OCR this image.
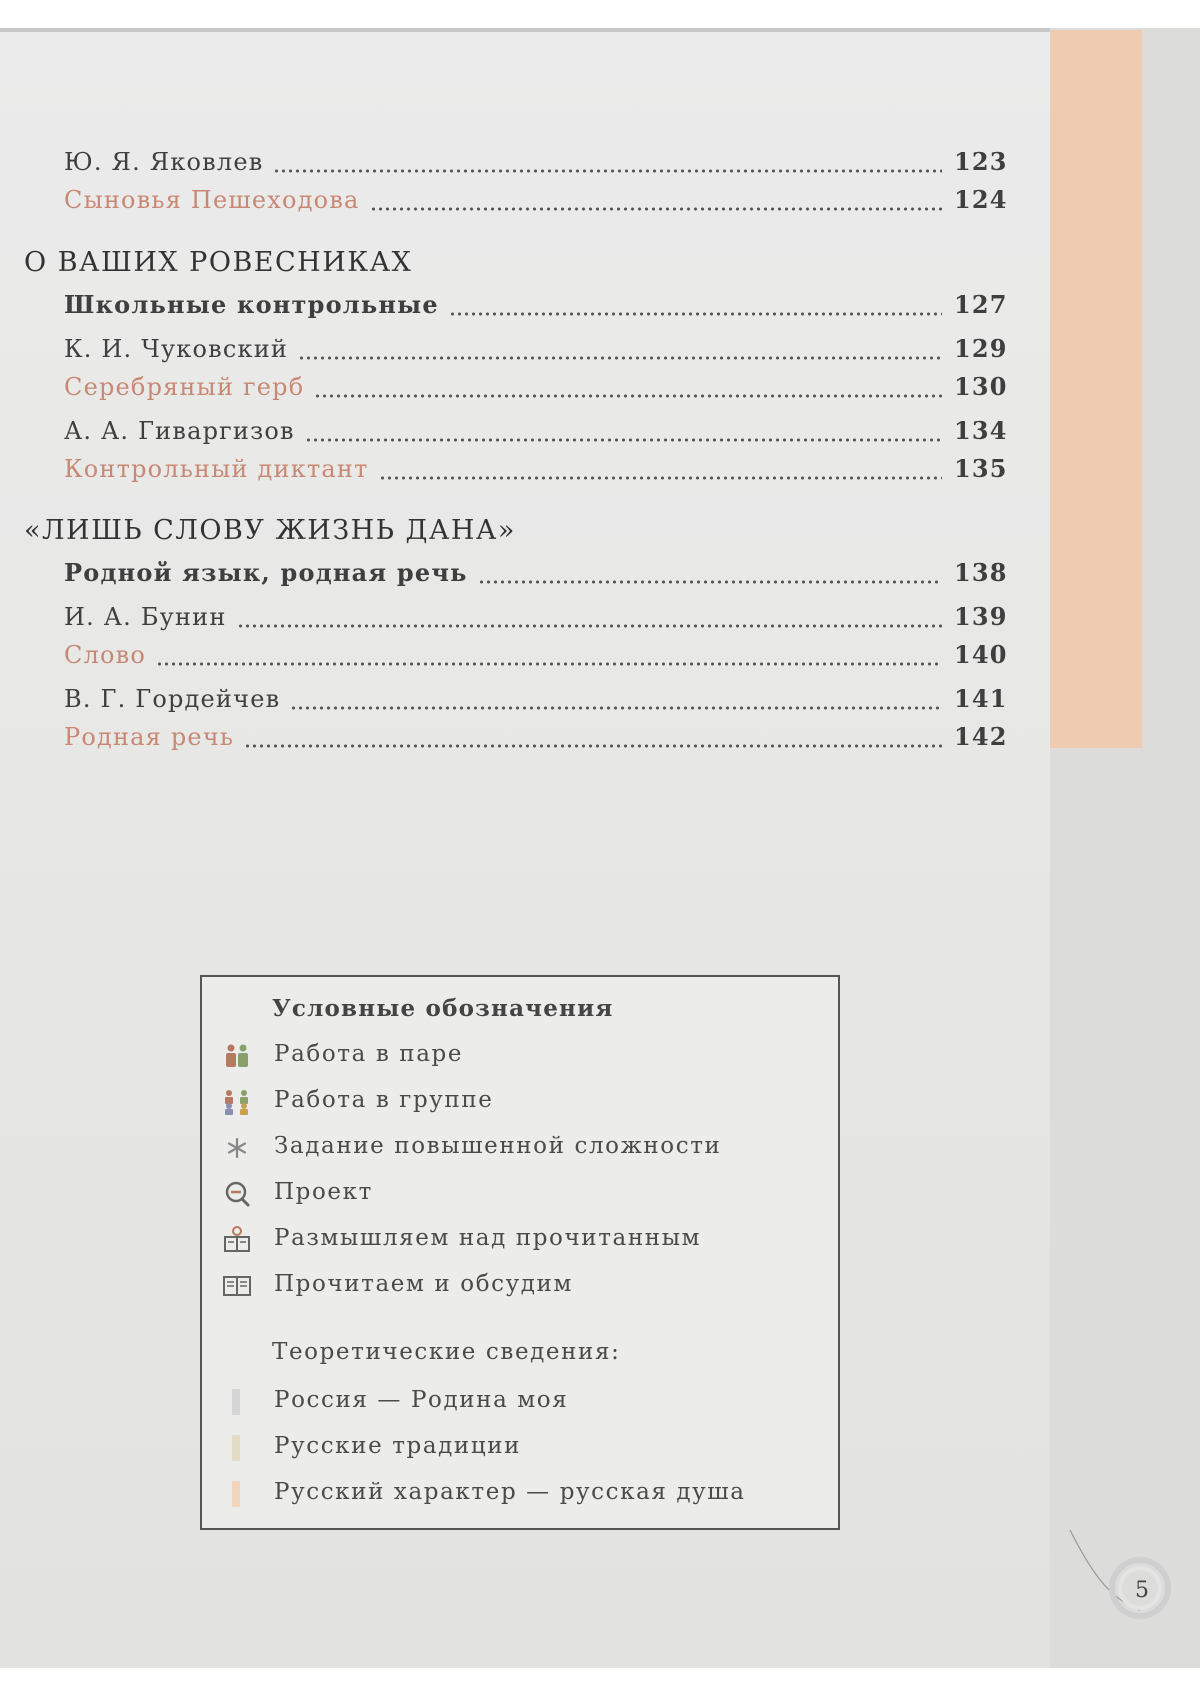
Ю. Я. Яковлев	123
Сыновья Пешеходова	124
О ВАШИХ РОВЕСНИКАХ
Школьные контрольные	127
К. И. Чуковский	129
Серебряный герб	130
А. А. Гиваргизов	134
Контрольный диктант	135
«ЛИШЬ СЛОВУ ЖИЗНЬ ДАНА»
Родной язык, родная речь	138
И. А. Бунин	139
Слово	140
В. Г. Гордейчев	141
Родная речь	142
Условные обозначения
Работа в паре
Работа в группе
Задание повышенной сложности
Проект
Размышляем над прочитанным
Прочитаем и обсудим
Теоретические сведения:
Россия — Родина моя
Русские традиции
Русский характер — русская душа
5
